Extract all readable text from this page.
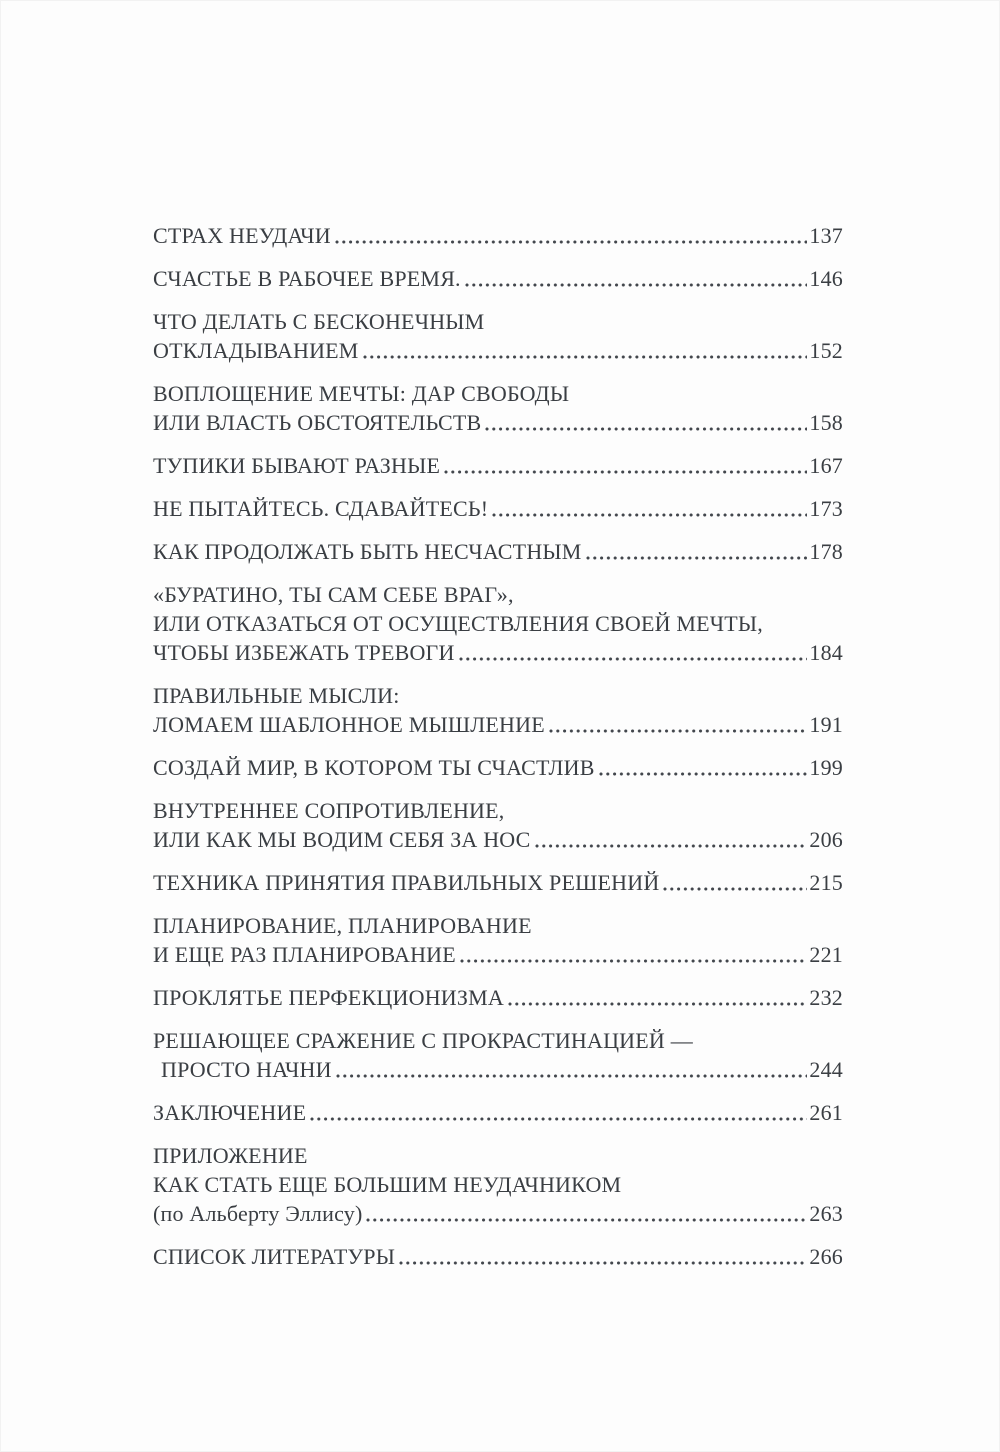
СТРАХ НЕУДАЧИ	137
СЧАСТЬЕ В РАБОЧЕЕ ВРЕМЯ.	146
ЧТО ДЕЛАТЬ С БЕСКОНЕЧНЫМ
ОТКЛАДЫВАНИЕМ	152
ВОПЛОЩЕНИЕ МЕЧТЫ: ДАР СВОБОДЫ
ИЛИ ВЛАСТЬ ОБСТОЯТЕЛЬСТВ	158
ТУПИКИ БЫВАЮТ РАЗНЫЕ	167
НЕ ПЫТАЙТЕСЬ. СДАВАЙТЕСЬ!	173
КАК ПРОДОЛЖАТЬ БЫТЬ НЕСЧАСТНЫМ	178
«БУРАТИНО, ТЫ САМ СЕБЕ ВРАГ»,
ИЛИ ОТКАЗАТЬСЯ ОТ ОСУЩЕСТВЛЕНИЯ СВОЕЙ МЕЧТЫ,
ЧТОБЫ ИЗБЕЖАТЬ ТРЕВОГИ	184
ПРАВИЛЬНЫЕ МЫСЛИ:
ЛОМАЕМ ШАБЛОННОЕ МЫШЛЕНИЕ	191
СОЗДАЙ МИР, В КОТОРОМ ТЫ СЧАСТЛИВ	199
ВНУТРЕННЕЕ СОПРОТИВЛЕНИЕ,
ИЛИ КАК МЫ ВОДИМ СЕБЯ ЗА НОС	206
ТЕХНИКА ПРИНЯТИЯ ПРАВИЛЬНЫХ РЕШЕНИЙ	215
ПЛАНИРОВАНИЕ, ПЛАНИРОВАНИЕ
И ЕЩЕ РАЗ ПЛАНИРОВАНИЕ	221
ПРОКЛЯТЬЕ ПЕРФЕКЦИОНИЗМА	232
РЕШАЮЩЕЕ СРАЖЕНИЕ С ПРОКРАСТИНАЦИЕЙ —
ПРОСТО НАЧНИ	244
ЗАКЛЮЧЕНИЕ	261
ПРИЛОЖЕНИЕ
КАК СТАТЬ ЕЩЕ БОЛЬШИМ НЕУДАЧНИКОМ
(по Альберту Эллису)	263
СПИСОК ЛИТЕРАТУРЫ	266
